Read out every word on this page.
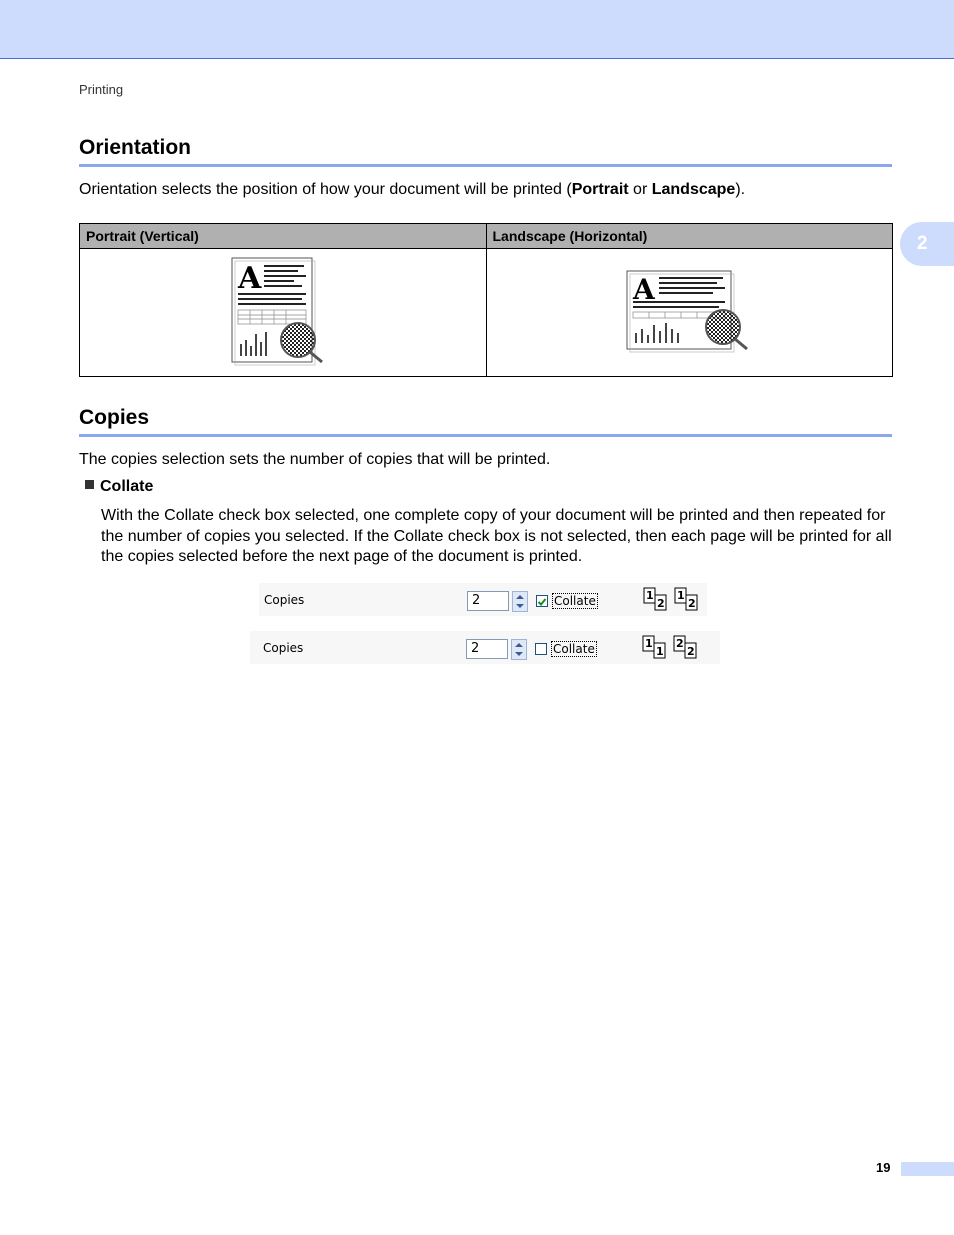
Printing
2
Orientation
Orientation selects the position of how your document will be printed (Portrait or Landscape).
Portrait (Vertical)	Landscape (Horizontal)

A	A
Copies
The copies selection sets the number of copies that will be printed.
Collate
With the Collate check box selected, one complete copy of your document will be printed and then repeated for the number of copies you selected. If the Collate check box is not selected, then each page will be printed for all the copies selected before the next page of the document is printed.
Copies	2	Collate	1
2
1
2
Copies	2	Collate	1
1
2
2
19
